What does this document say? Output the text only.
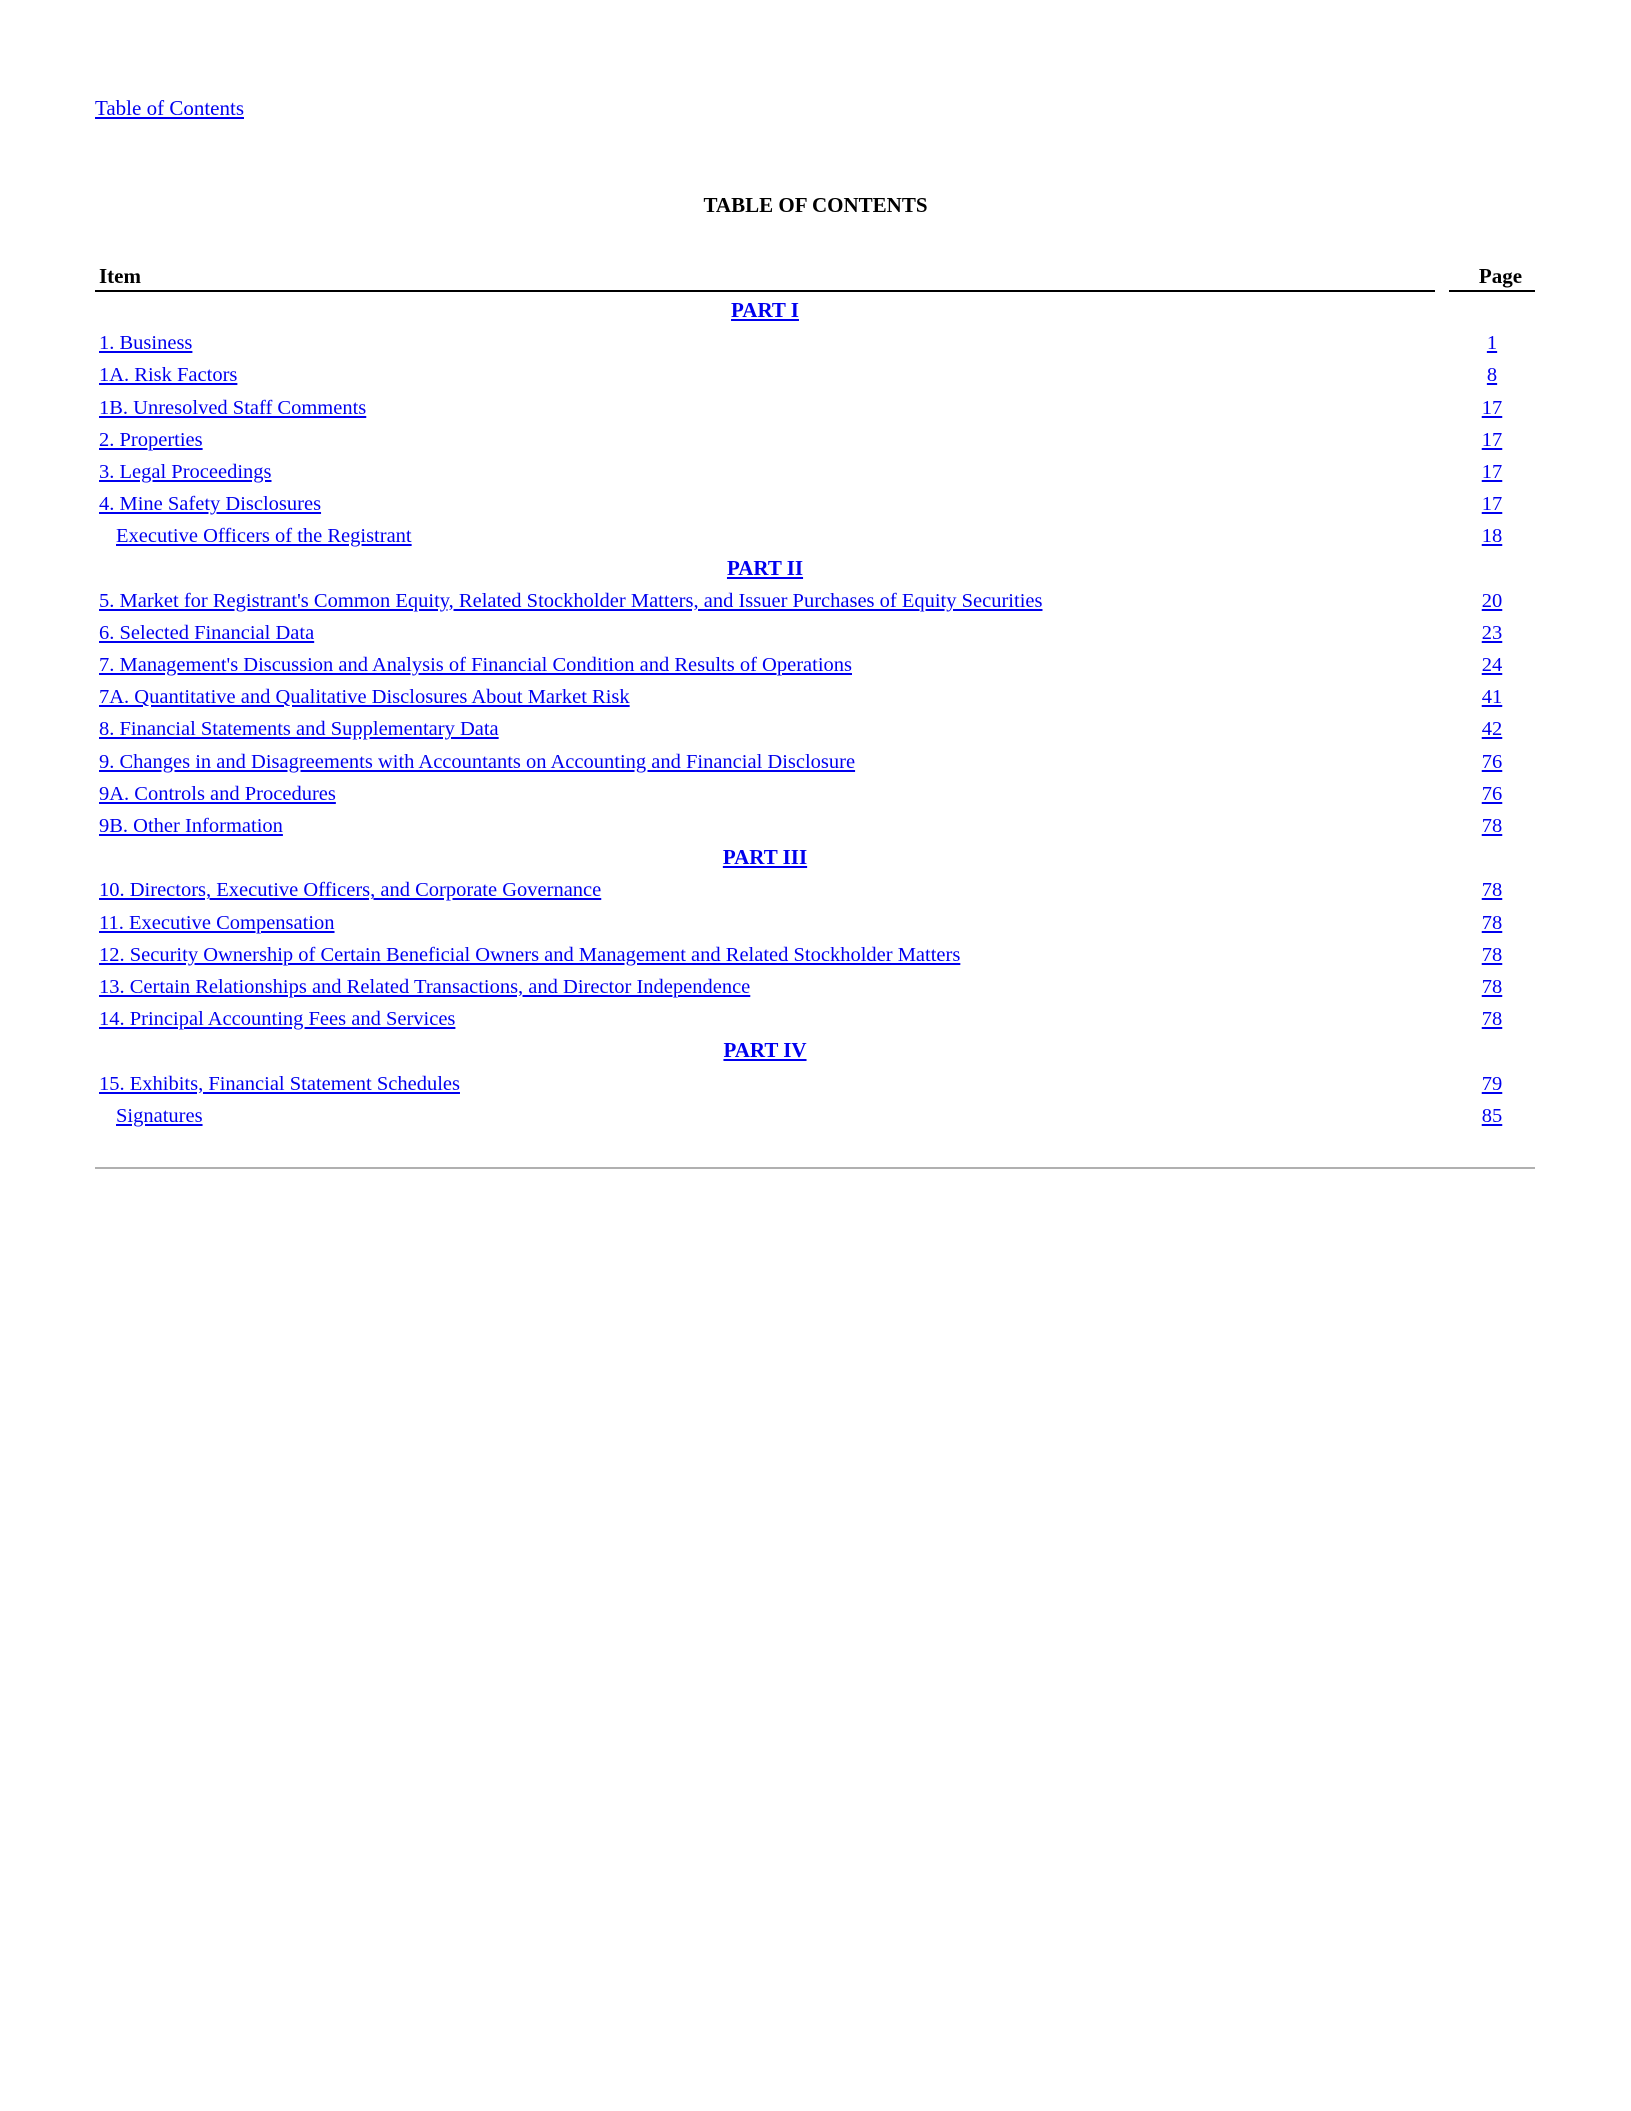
Table of Contents
TABLE OF CONTENTS
Item	Page
PART I
1. Business	1
1A. Risk Factors	8
1B. Unresolved Staff Comments	17
2. Properties	17
3. Legal Proceedings	17
4. Mine Safety Disclosures	17
Executive Officers of the Registrant	18
PART II
5. Market for Registrant's Common Equity, Related Stockholder Matters, and Issuer Purchases of Equity Securities	20
6. Selected Financial Data	23
7. Management's Discussion and Analysis of Financial Condition and Results of Operations	24
7A. Quantitative and Qualitative Disclosures About Market Risk	41
8. Financial Statements and Supplementary Data	42
9. Changes in and Disagreements with Accountants on Accounting and Financial Disclosure	76
9A. Controls and Procedures	76
9B. Other Information	78
PART III
10. Directors, Executive Officers, and Corporate Governance	78
11. Executive Compensation	78
12. Security Ownership of Certain Beneficial Owners and Management and Related Stockholder Matters	78
13. Certain Relationships and Related Transactions, and Director Independence	78
14. Principal Accounting Fees and Services	78
PART IV
15. Exhibits, Financial Statement Schedules	79
Signatures	85
